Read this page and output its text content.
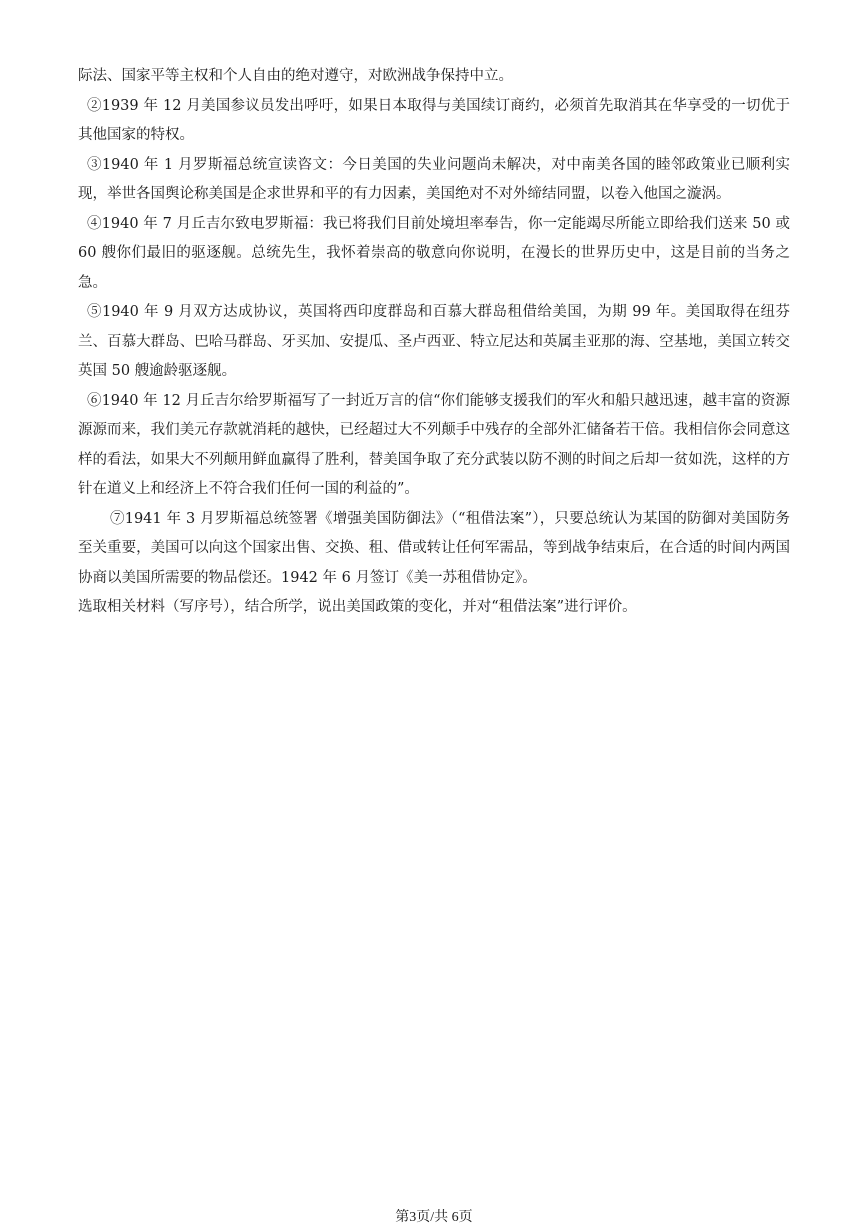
际法、国家平等主权和个人自由的绝对遵守，对欧洲战争保持中立。

②1939 年 12 月美国参议员发出呼吁，如果日本取得与美国续订商约，必须首先取消其在华享受的一切优于其他国家的特权。

③1940 年 1 月罗斯福总统宣读咨文：今日美国的失业问题尚未解决，对中南美各国的睦邻政策业已顺利实现，举世各国舆论称美国是企求世界和平的有力因素，美国绝对不对外缔结同盟，以卷入他国之漩涡。

④1940 年 7 月丘吉尔致电罗斯福：我已将我们目前处境坦率奉告，你一定能竭尽所能立即给我们送来 50 或 60 艘你们最旧的驱逐舰。总统先生，我怀着崇高的敬意向你说明，在漫长的世界历史中，这是目前的当务之急。

⑤1940 年 9 月双方达成协议，英国将西印度群岛和百慕大群岛租借给美国，为期 99 年。美国取得在纽芬兰、百慕大群岛、巴哈马群岛、牙买加、安提瓜、圣卢西亚、特立尼达和英属圭亚那的海、空基地，美国立转交英国 50 艘逾龄驱逐舰。

⑥1940 年 12 月丘吉尔给罗斯福写了一封近万言的信“你们能够支援我们的军火和船只越迅速，越丰富的资源源源而来，我们美元存款就消耗的越快，已经超过大不列颠手中残存的全部外汇储备若干倍。我相信你会同意这样的看法，如果大不列颠用鲜血赢得了胜利，替美国争取了充分武装以防不测的时间之后却一贫如洗，这样的方针在道义上和经济上不符合我们任何一国的利益的”。

⑦1941 年 3 月罗斯福总统签署《增强美国防御法》（“租借法案”），只要总统认为某国的防御对美国防务至关重要，美国可以向这个国家出售、交换、租、借或转让任何军需品，等到战争结束后，在合适的时间内两国协商以美国所需要的物品偿还。1942 年 6 月签订《美一苏租借协定》。

选取相关材料（写序号），结合所学，说出美国政策的变化，并对“租借法案”进行评价。

第3页/共 6页
